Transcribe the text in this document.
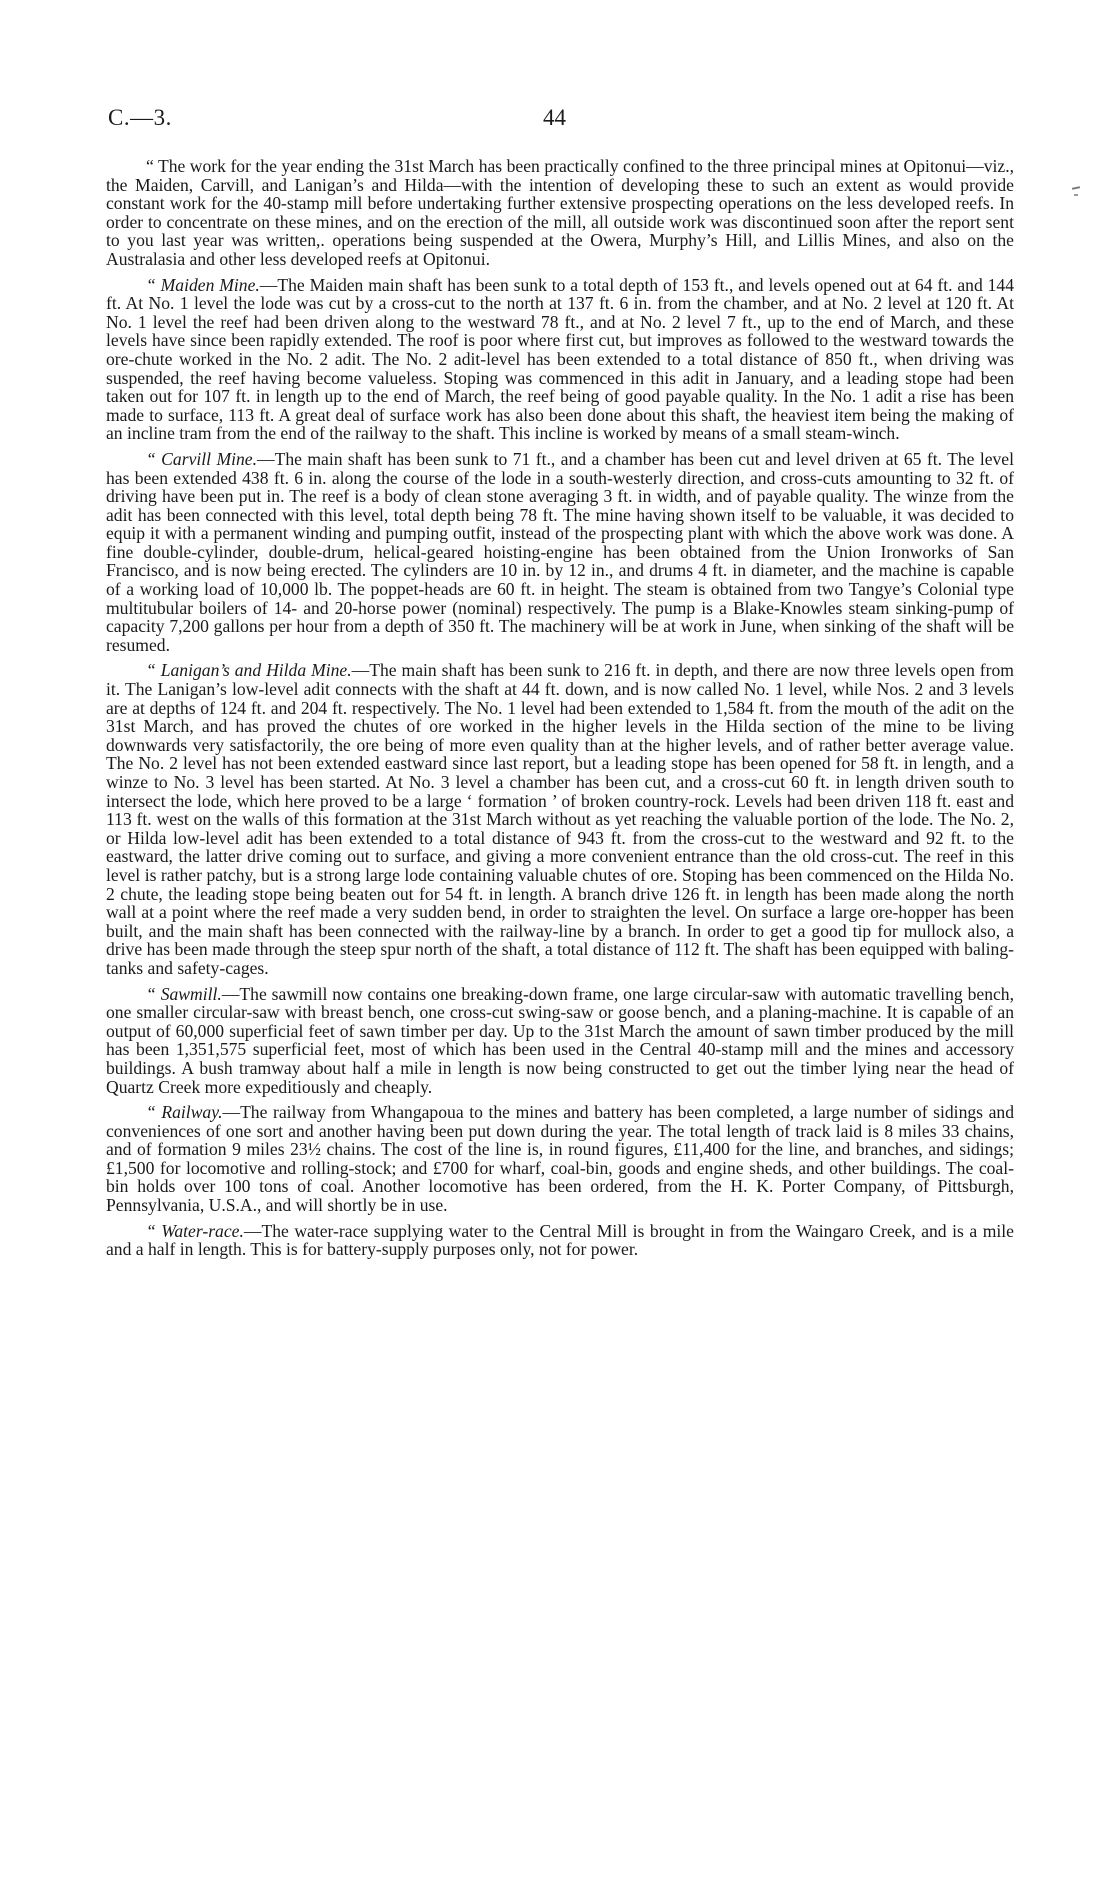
C.—3.	44

“ The work for the year ending the 31st March has been practically confined to the three principal mines at Opitonui—viz., the Maiden, Carvill, and Lanigan’s and Hilda—with the intention of developing these to such an extent as would provide constant work for the 40-stamp mill before undertaking further extensive prospecting operations on the less developed reefs. In order to concentrate on these mines, and on the erection of the mill, all outside work was discontinued soon after the report sent to you last year was written,. operations being suspended at the Owera, Murphy’s Hill, and Lillis Mines, and also on the Australasia and other less developed reefs at Opitonui.

“ Maiden Mine.—The Maiden main shaft has been sunk to a total depth of 153 ft., and levels opened out at 64 ft. and 144 ft. At No. 1 level the lode was cut by a cross-cut to the north at 137 ft. 6 in. from the chamber, and at No. 2 level at 120 ft. At No. 1 level the reef had been driven along to the westward 78 ft., and at No. 2 level 7 ft., up to the end of March, and these levels have since been rapidly extended. The roof is poor where first cut, but improves as followed to the westward towards the ore-chute worked in the No. 2 adit. The No. 2 adit-level has been extended to a total distance of 850 ft., when driving was suspended, the reef having become valueless. Stoping was commenced in this adit in January, and a leading stope had been taken out for 107 ft. in length up to the end of March, the reef being of good payable quality. In the No. 1 adit a rise has been made to surface, 113 ft. A great deal of surface work has also been done about this shaft, the heaviest item being the making of an incline tram from the end of the railway to the shaft. This incline is worked by means of a small steam-winch.

“ Carvill Mine.—The main shaft has been sunk to 71 ft., and a chamber has been cut and level driven at 65 ft. The level has been extended 438 ft. 6 in. along the course of the lode in a south-westerly direction, and cross-cuts amounting to 32 ft. of driving have been put in. The reef is a body of clean stone averaging 3 ft. in width, and of payable quality. The winze from the adit has been connected with this level, total depth being 78 ft. The mine having shown itself to be valuable, it was decided to equip it with a permanent winding and pumping outfit, instead of the prospecting plant with which the above work was done. A fine double-cylinder, double-drum, helical-geared hoisting-engine has been obtained from the Union Ironworks of San Francisco, and is now being erected. The cylinders are 10 in. by 12 in., and drums 4 ft. in diameter, and the machine is capable of a working load of 10,000 lb. The poppet-heads are 60 ft. in height. The steam is obtained from two Tangye’s Colonial type multitubular boilers of 14- and 20-horse power (nominal) respectively. The pump is a Blake-Knowles steam sinking-pump of capacity 7,200 gallons per hour from a depth of 350 ft. The machinery will be at work in June, when sinking of the shaft will be resumed.

“ Lanigan’s and Hilda Mine.—The main shaft has been sunk to 216 ft. in depth, and there are now three levels open from it. The Lanigan’s low-level adit connects with the shaft at 44 ft. down, and is now called No. 1 level, while Nos. 2 and 3 levels are at depths of 124 ft. and 204 ft. respectively. The No. 1 level had been extended to 1,584 ft. from the mouth of the adit on the 31st March, and has proved the chutes of ore worked in the higher levels in the Hilda section of the mine to be living downwards very satisfactorily, the ore being of more even quality than at the higher levels, and of rather better average value. The No. 2 level has not been extended eastward since last report, but a leading stope has been opened for 58 ft. in length, and a winze to No. 3 level has been started. At No. 3 level a chamber has been cut, and a cross-cut 60 ft. in length driven south to intersect the lode, which here proved to be a large ‘ formation ’ of broken country-rock. Levels had been driven 118 ft. east and 113 ft. west on the walls of this formation at the 31st March without as yet reaching the valuable portion of the lode. The No. 2, or Hilda low-level adit has been extended to a total distance of 943 ft. from the cross-cut to the westward and 92 ft. to the eastward, the latter drive coming out to surface, and giving a more convenient entrance than the old cross-cut. The reef in this level is rather patchy, but is a strong large lode containing valuable chutes of ore. Stoping has been commenced on the Hilda No. 2 chute, the leading stope being beaten out for 54 ft. in length. A branch drive 126 ft. in length has been made along the north wall at a point where the reef made a very sudden bend, in order to straighten the level. On surface a large ore-hopper has been built, and the main shaft has been connected with the railway-line by a branch. In order to get a good tip for mullock also, a drive has been made through the steep spur north of the shaft, a total distance of 112 ft. The shaft has been equipped with baling-tanks and safety-cages.

“ Sawmill.—The sawmill now contains one breaking-down frame, one large circular-saw with automatic travelling bench, one smaller circular-saw with breast bench, one cross-cut swing-saw or goose bench, and a planing-machine. It is capable of an output of 60,000 superficial feet of sawn timber per day. Up to the 31st March the amount of sawn timber produced by the mill has been 1,351,575 superficial feet, most of which has been used in the Central 40-stamp mill and the mines and accessory buildings. A bush tramway about half a mile in length is now being constructed to get out the timber lying near the head of Quartz Creek more expeditiously and cheaply.

“ Railway.—The railway from Whangapoua to the mines and battery has been completed, a large number of sidings and conveniences of one sort and another having been put down during the year. The total length of track laid is 8 miles 33 chains, and of formation 9 miles 23½ chains. The cost of the line is, in round figures, £11,400 for the line, and branches, and sidings; £1,500 for locomotive and rolling-stock; and £700 for wharf, coal-bin, goods and engine sheds, and other buildings. The coal-bin holds over 100 tons of coal. Another locomotive has been ordered, from the H. K. Porter Company, of Pittsburgh, Pennsylvania, U.S.A., and will shortly be in use.

“ Water-race.—The water-race supplying water to the Central Mill is brought in from the Waingaro Creek, and is a mile and a half in length. This is for battery-supply purposes only, not for power.
